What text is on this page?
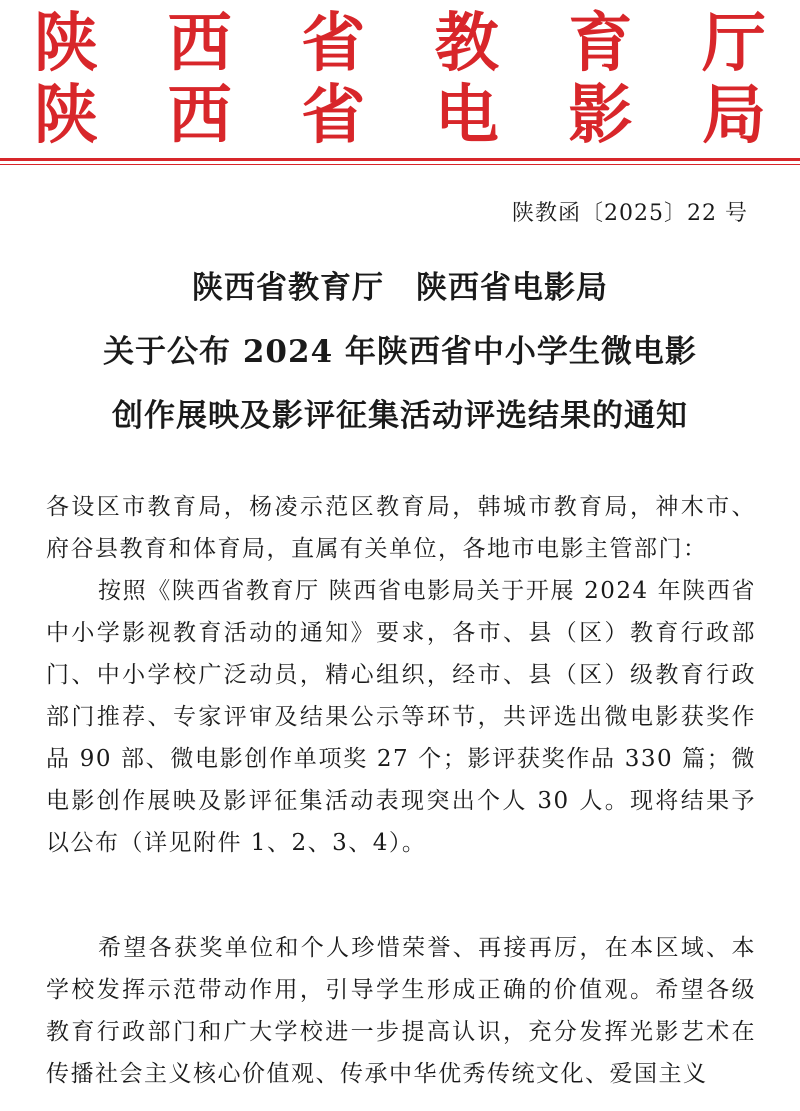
陕 西 省 教 育 厅
陕 西 省 电 影 局
陕教函〔2025〕22 号
陕西省教育厅　陕西省电影局
关于公布 2024 年陕西省中小学生微电影
创作展映及影评征集活动评选结果的通知
各设区市教育局，杨凌示范区教育局，韩城市教育局，神木市、府谷县教育和体育局，直属有关单位，各地市电影主管部门：
按照《陕西省教育厅 陕西省电影局关于开展 2024 年陕西省中小学影视教育活动的通知》要求，各市、县（区）教育行政部门、中小学校广泛动员，精心组织，经市、县（区）级教育行政部门推荐、专家评审及结果公示等环节，共评选出微电影获奖作品 90 部、微电影创作单项奖 27 个；影评获奖作品 330 篇；微电影创作展映及影评征集活动表现突出个人 30 人。现将结果予以公布（详见附件 1、2、3、4）。
希望各获奖单位和个人珍惜荣誉、再接再厉，在本区域、本学校发挥示范带动作用，引导学生形成正确的价值观。希望各级教育行政部门和广大学校进一步提高认识，充分发挥光影艺术在传播社会主义核心价值观、传承中华优秀传统文化、爱国主义
